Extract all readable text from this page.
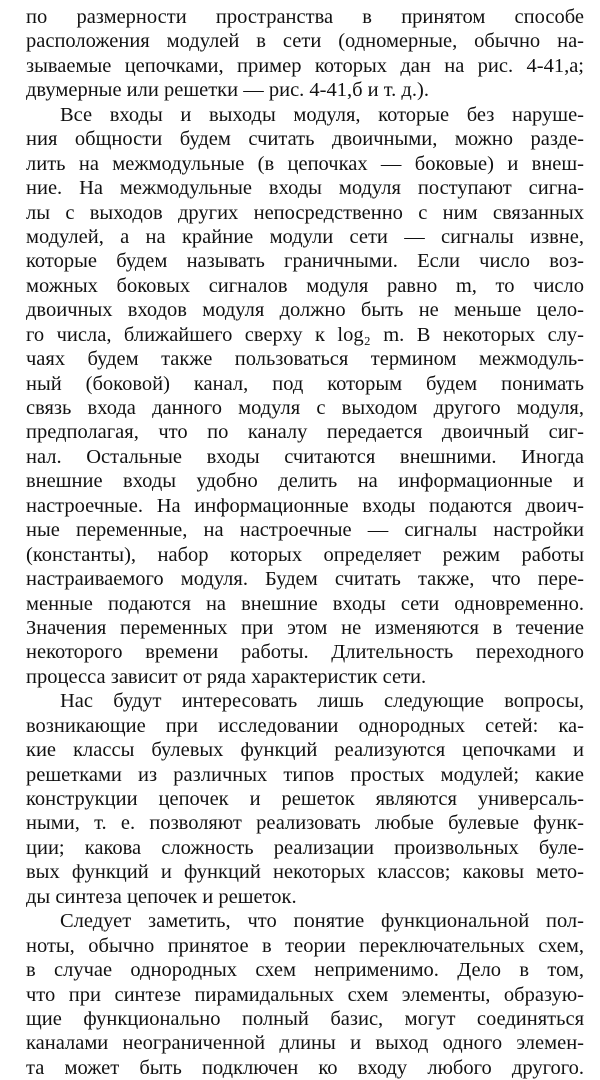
по размерности пространства в принятом способе
расположения модулей в сети (одномерные, обычно на-
зываемые цепочками, пример которых дан на рис. 4-41,а;
двумерные или решетки — рис. 4-41,б и т. д.).

Все входы и выходы модуля, которые без наруше-
ния общности будем считать двоичными, можно разде-
лить на межмодульные (в цепочках — боковые) и внеш-
ние. На межмодульные входы модуля поступают сигна-
лы с выходов других непосредственно с ним связанных
модулей, а на крайние модули сети — сигналы извне,
которые будем называть граничными. Если число воз-
можных боковых сигналов модуля равно m, то число
двоичных входов модуля должно быть не меньше цело-
го числа, ближайшего сверху к log₂ m. В некоторых слу-
чаях будем также пользоваться термином межмодуль-
ный (боковой) канал, под которым будем понимать
связь входа данного модуля с выходом другого модуля,
предполагая, что по каналу передается двоичный сиг-
нал. Остальные входы считаются внешними. Иногда
внешние входы удобно делить на информационные и
настроечные. На информационные входы подаются двоич-
ные переменные, на настроечные — сигналы настройки
(константы), набор которых определяет режим работы
настраиваемого модуля. Будем считать также, что пере-
менные подаются на внешние входы сети одновременно.
Значения переменных при этом не изменяются в течение
некоторого времени работы. Длительность переходного
процесса зависит от ряда характеристик сети.

Нас будут интересовать лишь следующие вопросы,
возникающие при исследовании однородных сетей: ка-
кие классы булевых функций реализуются цепочками и
решетками из различных типов простых модулей; какие
конструкции цепочек и решеток являются универсаль-
ными, т. е. позволяют реализовать любые булевые функ-
ции; какова сложность реализации произвольных буле-
вых функций и функций некоторых классов; каковы мето-
ды синтеза цепочек и решеток.

Следует заметить, что понятие функциональной пол-
ноты, обычно принятое в теории переключательных схем,
в случае однородных схем неприменимо. Дело в том,
что при синтезе пирамидальных схем элементы, образую-
щие функционально полный базис, могут соединяться
каналами неограниченной длины и выход одного элемен-
та может быть подключен ко входу любого другого.
